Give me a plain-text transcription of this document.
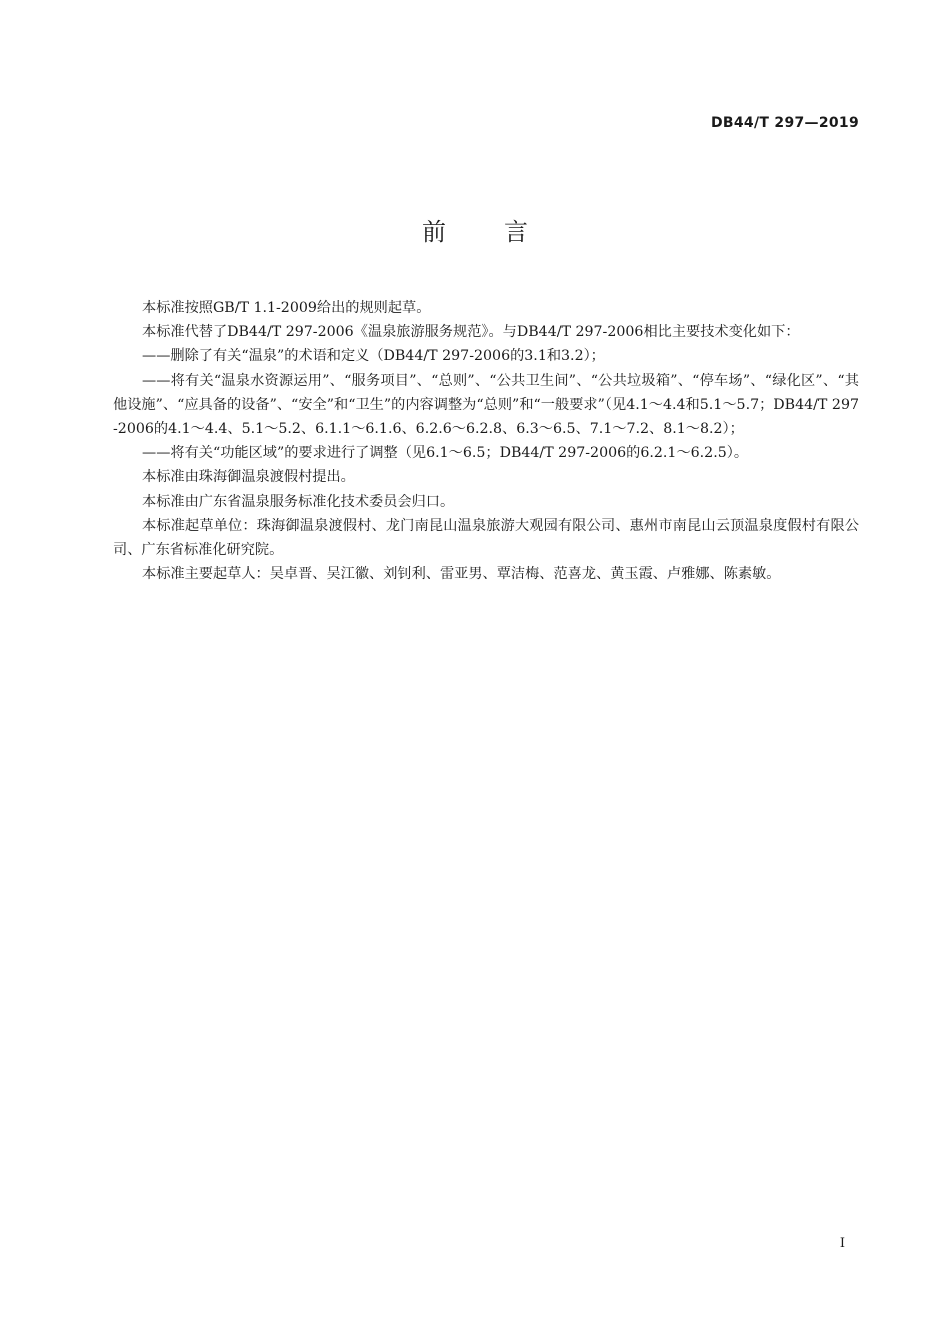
DB44/T 297—2019
前言

本标准按照GB/T 1.1-2009给出的规则起草。

本标准代替了DB44/T 297-2006《温泉旅游服务规范》。与DB44/T 297-2006相比主要技术变化如下：

——删除了有关“温泉”的术语和定义（DB44/T 297-2006的3.1和3.2）；

——将有关“温泉水资源运用”、“服务项目”、“总则”、“公共卫生间”、“公共垃圾箱”、“停车场”、“绿化区”、“其他设施”、“应具备的设备”、“安全”和“卫生”的内容调整为“总则”和“一般要求”（见4.1～4.4和5.1～5.7；DB44/T 297-2006的4.1～4.4、5.1～5.2、6.1.1～6.1.6、6.2.6～6.2.8、6.3～6.5、7.1～7.2、8.1～8.2）；

——将有关“功能区域”的要求进行了调整（见6.1～6.5；DB44/T 297-2006的6.2.1～6.2.5）。

本标准由珠海御温泉渡假村提出。

本标准由广东省温泉服务标准化技术委员会归口。

本标准起草单位：珠海御温泉渡假村、龙门南昆山温泉旅游大观园有限公司、惠州市南昆山云顶温泉度假村有限公司、广东省标准化研究院。

本标准主要起草人：吴卓晋、吴江徽、刘钊利、雷亚男、覃洁梅、范喜龙、黄玉霞、卢雅娜、陈素敏。

I
